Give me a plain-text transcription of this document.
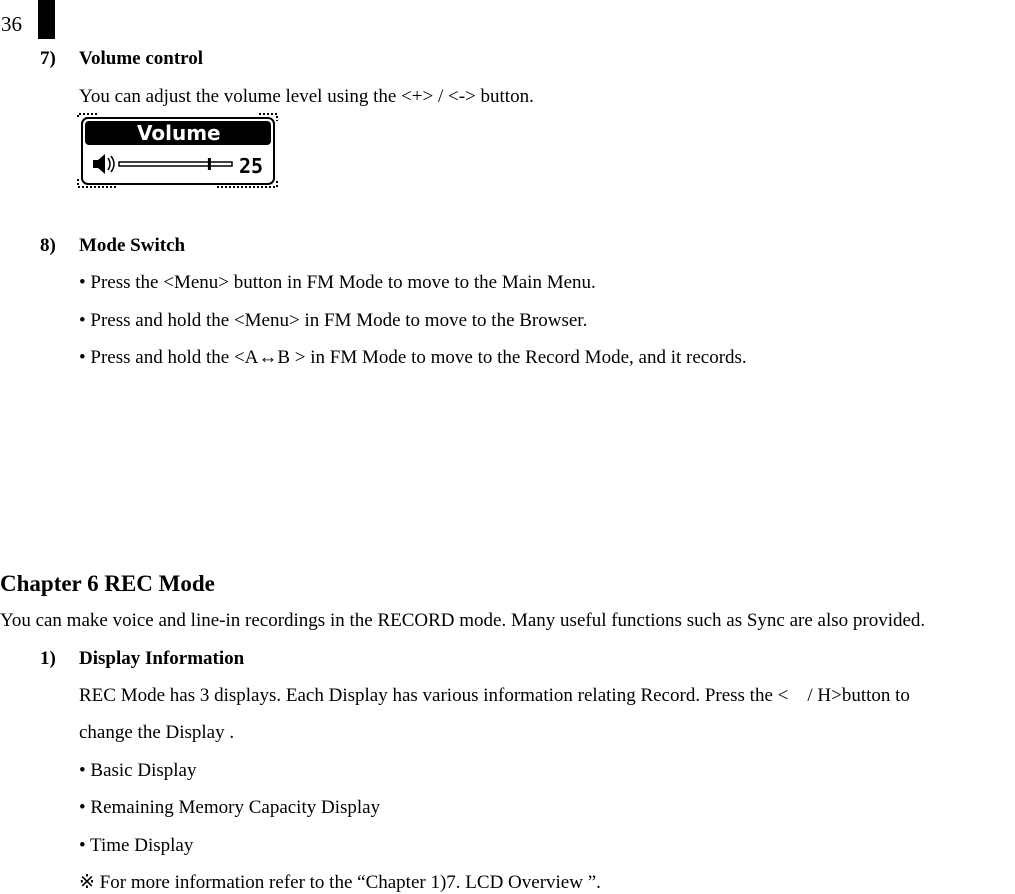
36
7)	Volume control
You can adjust the volume level using the <+> / <-> button.
Volume
25
8)	Mode Switch
• Press the <Menu> button in FM Mode to move to the Main Menu.
• Press and hold the <Menu> in FM Mode to move to the Browser.
• Press and hold the <A↔B > in FM Mode to move to the Record Mode, and it records.
Chapter 6 REC Mode
You can make voice and line-in recordings in the RECORD mode. Many useful functions such as Sync are also provided.
1)	Display Information
REC Mode has 3 displays. Each Display has various information relating Record. Press the <　/ H>button to
change the Display .
• Basic Display
• Remaining Memory Capacity Display
• Time Display
※ For more information refer to the “Chapter 1)7. LCD Overview ”.
